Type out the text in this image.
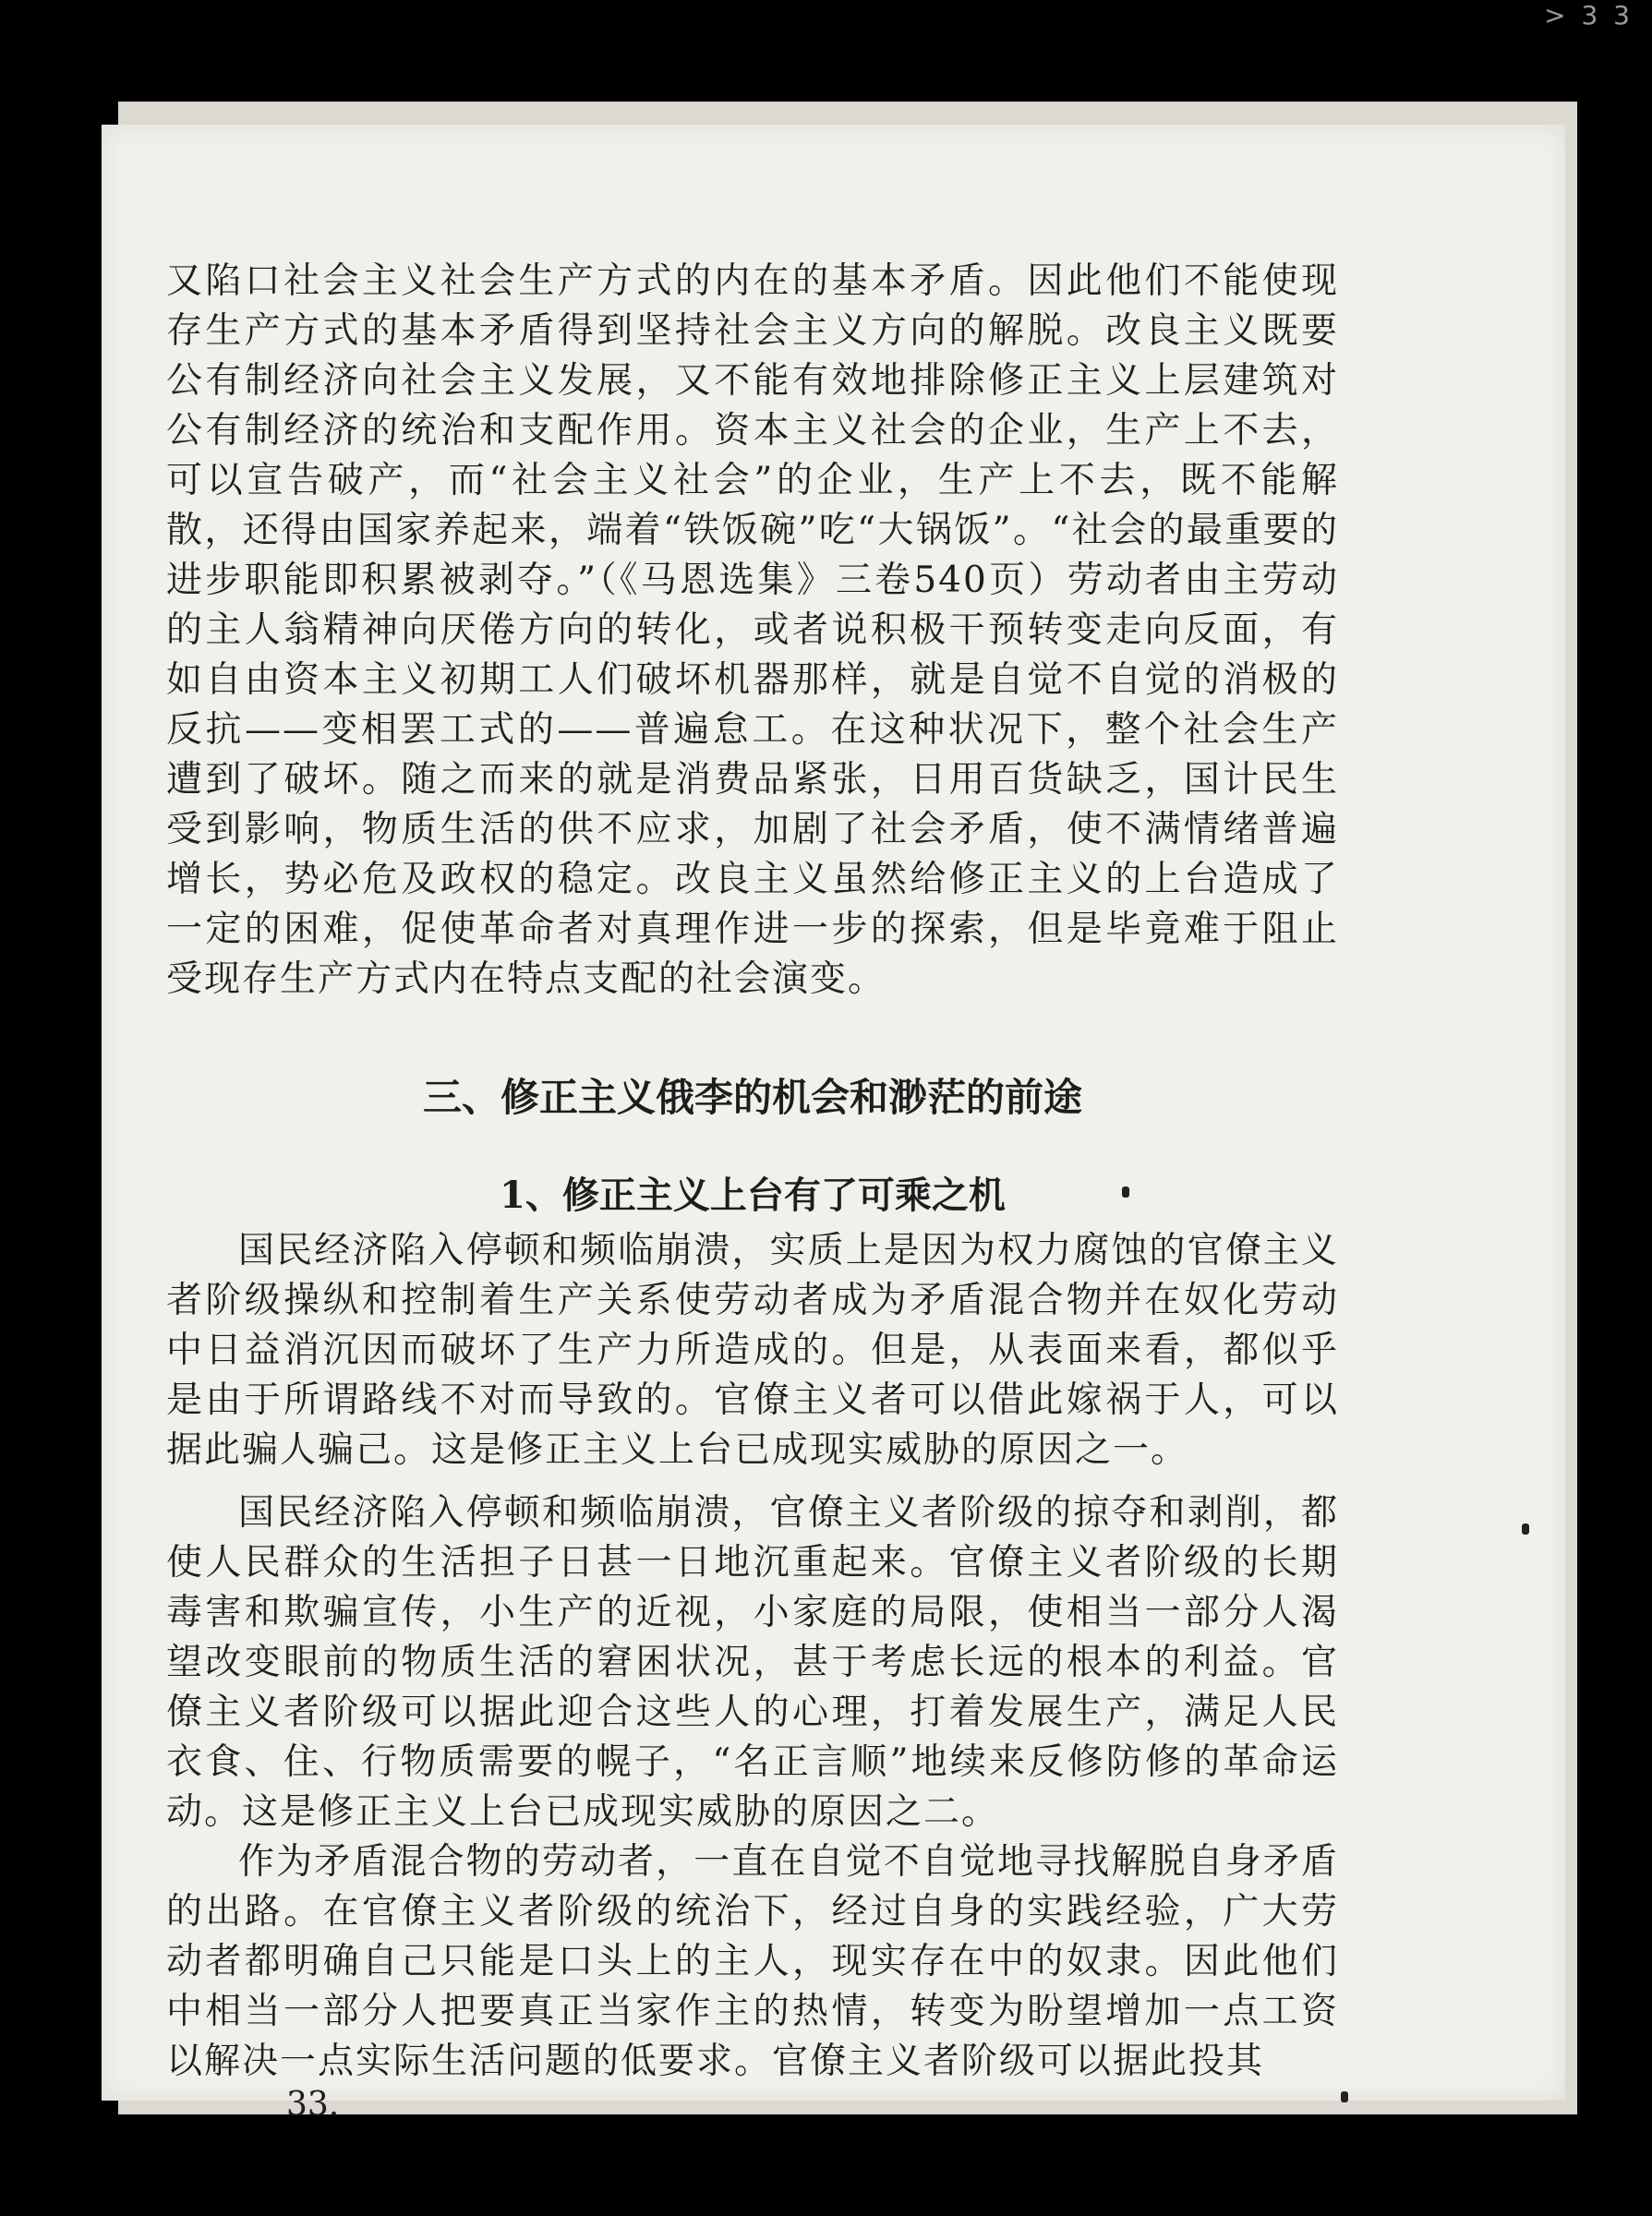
> 3 3

又陷口社会主义社会生产方式的内在的基本矛盾。因此他们不能使现存生产方式的基本矛盾得到坚持社会主义方向的解脱。改良主义既要公有制经济向社会主义发展，又不能有效地排除修正主义上层建筑对公有制经济的统治和支配作用。资本主义社会的企业，生产上不去，可以宣告破产，而“社会主义社会”的企业，生产上不去，既不能解散，还得由国家养起来，端着“铁饭碗”吃“大锅饭”。“社会的最重要的进步职能即积累被剥夺。”（《马恩选集》三卷540页）劳动者由主劳动的主人翁精神向厌倦方向的转化，或者说积极干预转变走向反面，有如自由资本主义初期工人们破坏机器那样，就是自觉不自觉的消极的反抗——变相罢工式的——普遍怠工。在这种状况下，整个社会生产遭到了破坏。随之而来的就是消费品紧张，日用百货缺乏，国计民生受到影响，物质生活的供不应求，加剧了社会矛盾，使不满情绪普遍增长，势必危及政权的稳定。改良主义虽然给修正主义的上台造成了一定的困难，促使革命者对真理作进一步的探索，但是毕竟难于阻止受现存生产方式内在特点支配的社会演变。

三、修正主义俄李的机会和渺茫的前途
1、修正主义上台有了可乘之机

国民经济陷入停顿和频临崩溃，实质上是因为权力腐蚀的官僚主义者阶级操纵和控制着生产关系使劳动者成为矛盾混合物并在奴化劳动中日益消沉因而破坏了生产力所造成的。但是，从表面来看，都似乎是由于所谓路线不对而导致的。官僚主义者可以借此嫁祸于人，可以据此骗人骗己。这是修正主义上台已成现实威胁的原因之一。

国民经济陷入停顿和频临崩溃，官僚主义者阶级的掠夺和剥削，都使人民群众的生活担子日甚一日地沉重起来。官僚主义者阶级的长期毒害和欺骗宣传，小生产的近视，小家庭的局限，使相当一部分人渴望改变眼前的物质生活的窘困状况，甚于考虑长远的根本的利益。官僚主义者阶级可以据此迎合这些人的心理，打着发展生产，满足人民衣食、住、行物质需要的幌子，“名正言顺”地续来反修防修的革命运动。这是修正主义上台已成现实威胁的原因之二。

作为矛盾混合物的劳动者，一直在自觉不自觉地寻找解脱自身矛盾的出路。在官僚主义者阶级的统治下，经过自身的实践经验，广大劳动者都明确自己只能是口头上的主人，现实存在中的奴隶。因此他们中相当一部分人把要真正当家作主的热情，转变为盼望增加一点工资以解决一点实际生活问题的低要求。官僚主义者阶级可以据此投其

33.
